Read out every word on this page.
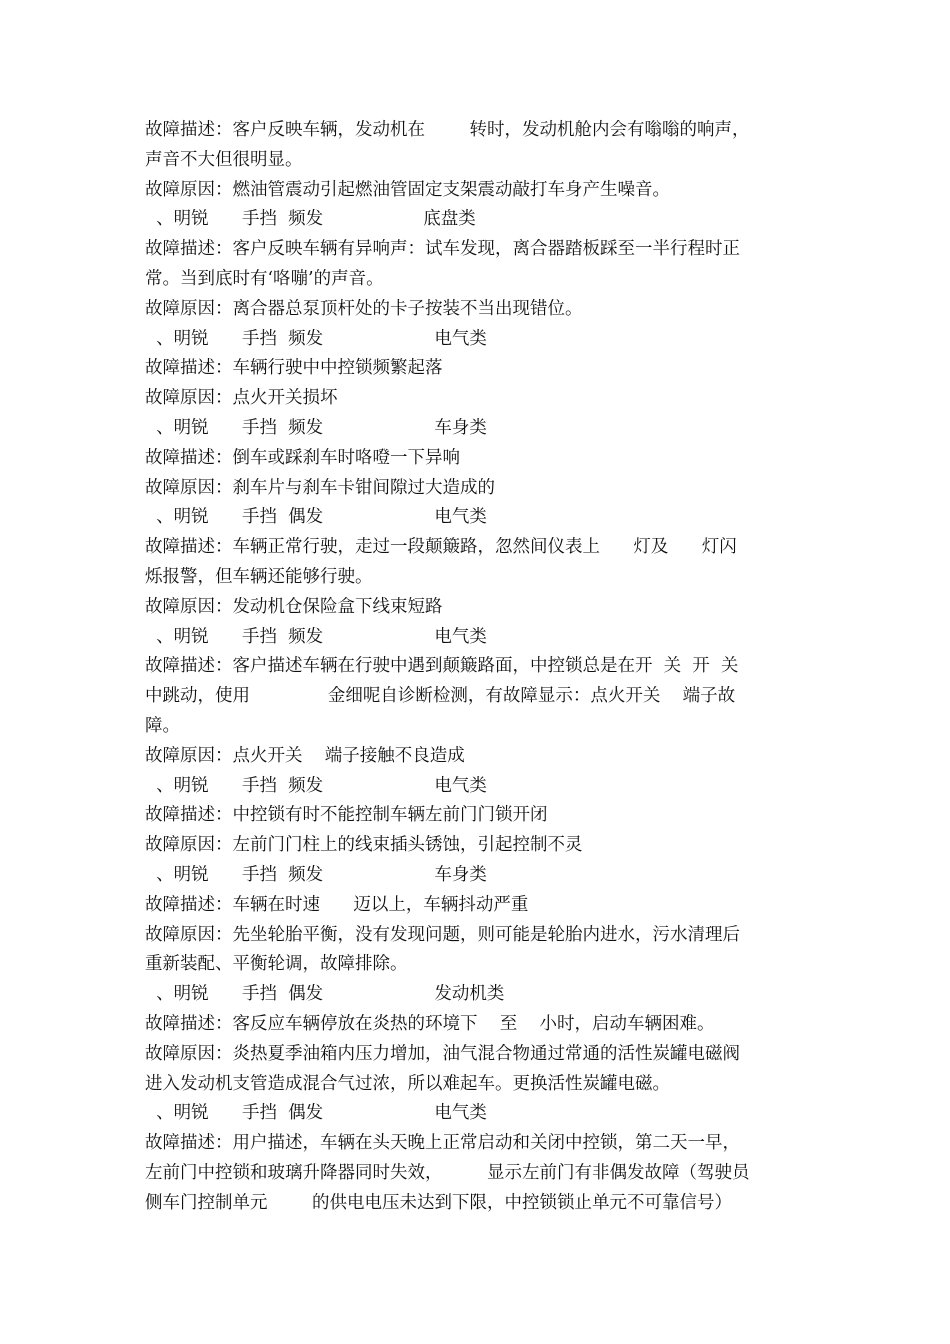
故障描述：客户反映车辆，发动机在        转时，发动机舱内会有嗡嗡的响声，
声音不大但很明显。
故障原因：燃油管震动引起燃油管固定支架震动敲打车身产生噪音。
、明锐      手挡  频发                  底盘类
故障描述：客户反映车辆有异响声：试车发现，离合器踏板踩至一半行程时正
常。当到底时有‘咯嘣’的声音。
故障原因：离合器总泵顶杆处的卡子按装不当出现错位。
、明锐      手挡  频发                    电气类
故障描述：车辆行驶中中控锁频繁起落
故障原因：点火开关损坏
、明锐      手挡  频发                    车身类
故障描述：倒车或踩刹车时咯噔一下异响
故障原因：刹车片与刹车卡钳间隙过大造成的
、明锐      手挡  偶发                    电气类
故障描述：车辆正常行驶，走过一段颠簸路，忽然间仪表上      灯及      灯闪
烁报警，但车辆还能够行驶。
故障原因：发动机仓保险盒下线束短路
、明锐      手挡  频发                    电气类
故障描述：客户描述车辆在行驶中遇到颠簸路面，中控锁总是在开  关  开  关
中跳动，使用              金细呢自诊断检测，有故障显示：点火开关    端子故
障。
故障原因：点火开关    端子接触不良造成
、明锐      手挡  频发                    电气类
故障描述：中控锁有时不能控制车辆左前门门锁开闭
故障原因：左前门门柱上的线束插头锈蚀，引起控制不灵
、明锐      手挡  频发                    车身类
故障描述：车辆在时速      迈以上，车辆抖动严重
故障原因：先坐轮胎平衡，没有发现问题，则可能是轮胎内进水，污水清理后
重新装配、平衡轮调，故障排除。
、明锐      手挡  偶发                    发动机类
故障描述：客反应车辆停放在炎热的环境下    至    小时，启动车辆困难。
故障原因：炎热夏季油箱内压力增加，油气混合物通过常通的活性炭罐电磁阀
进入发动机支管造成混合气过浓，所以难起车。更换活性炭罐电磁。
、明锐      手挡  偶发                    电气类
故障描述：用户描述，车辆在头天晚上正常启动和关闭中控锁，第二天一早，
左前门中控锁和玻璃升降器同时失效，        显示左前门有非偶发故障（驾驶员
侧车门控制单元        的供电电压未达到下限，中控锁锁止单元不可靠信号）
